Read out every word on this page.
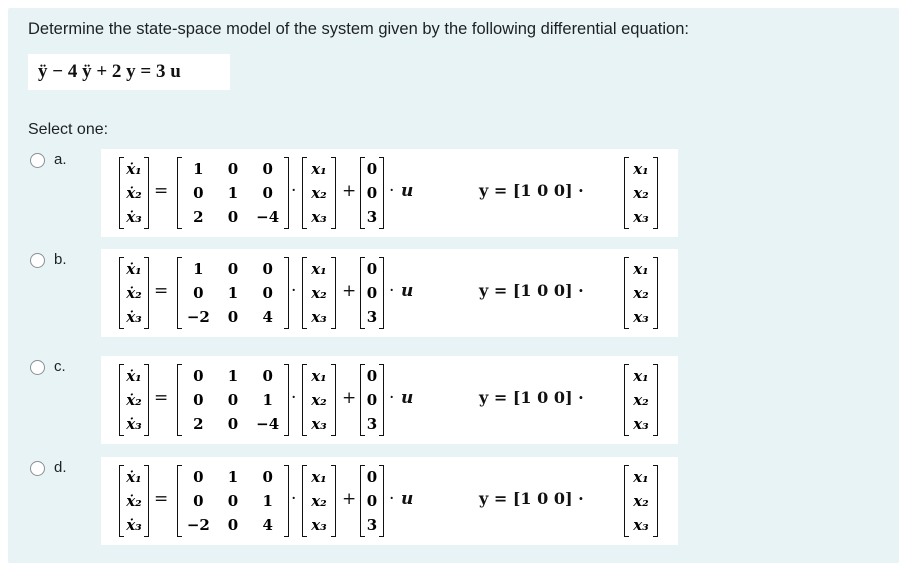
Determine the state-space model of the system given by the following differential equation:
ÿ − 4 ÿ + 2 y = 3 u
Select one:
a.
ẋ₁
ẋ₂
ẋ₃
=
1	0	0
0	1	0
2	0	−4
·
x₁
x₂
x₃
+
0
0
3
· u	y = [1 0 0] ·
x₁
x₂
x₃
b.
ẋ₁
ẋ₂
ẋ₃
=
1	0	0
0	1	0
−2	0	4
·
x₁
x₂
x₃
+
0
0
3
· u	y = [1 0 0] ·
x₁
x₂
x₃
c.
ẋ₁
ẋ₂
ẋ₃
=
0	1	0
0	0	1
2	0	−4
·
x₁
x₂
x₃
+
0
0
3
· u	y = [1 0 0] ·
x₁
x₂
x₃
d.
ẋ₁
ẋ₂
ẋ₃
=
0	1	0
0	0	1
−2	0	4
·
x₁
x₂
x₃
+
0
0
3
· u	y = [1 0 0] ·
x₁
x₂
x₃
